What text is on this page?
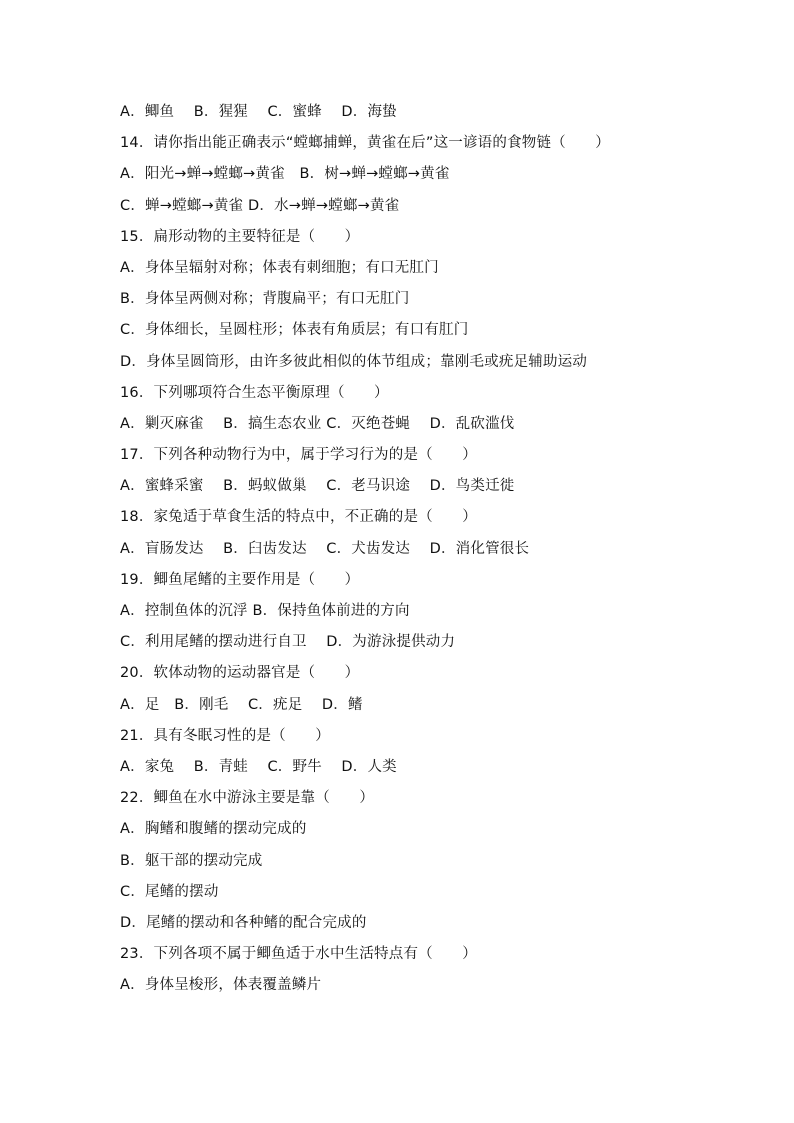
A．鲫鱼　 B．猩猩　 C．蜜蜂　 D．海蛰
14．请你指出能正确表示“螳螂捕蝉，黄雀在后”这一谚语的食物链（　　）
A．阳光→蝉→螳螂→黄雀　B．树→蝉→螳螂→黄雀
C．蝉→螳螂→黄雀 D．水→蝉→螳螂→黄雀
15．扁形动物的主要特征是（　　）
A．身体呈辐射对称；体表有刺细胞；有口无肛门
B．身体呈两侧对称；背腹扁平；有口无肛门
C．身体细长，呈圆柱形；体表有角质层；有口有肛门
D．身体呈圆筒形，由许多彼此相似的体节组成；靠刚毛或疣足辅助运动
16．下列哪项符合生态平衡原理（　　）
A．剿灭麻雀　 B．搞生态农业 C．灭绝苍蝇　 D．乱砍滥伐
17．下列各种动物行为中，属于学习行为的是（　　）
A．蜜蜂采蜜　 B．蚂蚁做巢　 C．老马识途　 D．鸟类迁徙
18．家兔适于草食生活的特点中，不正确的是（　　）
A．盲肠发达　 B．臼齿发达　 C．犬齿发达　 D．消化管很长
19．鲫鱼尾鳍的主要作用是（　　）
A．控制鱼体的沉浮 B．保持鱼体前进的方向
C．利用尾鳍的摆动进行自卫　 D．为游泳提供动力
20．软体动物的运动器官是（　　）
A．足　B．刚毛　 C．疣足　 D．鳍
21．具有冬眠习性的是（　　）
A．家兔　 B．青蛙　 C．野牛　 D．人类
22．鲫鱼在水中游泳主要是靠（　　）
A．胸鳍和腹鳍的摆动完成的
B．躯干部的摆动完成
C．尾鳍的摆动
D．尾鳍的摆动和各种鳍的配合完成的
23．下列各项不属于鲫鱼适于水中生活特点有（　　）
A．身体呈梭形，体表覆盖鳞片
